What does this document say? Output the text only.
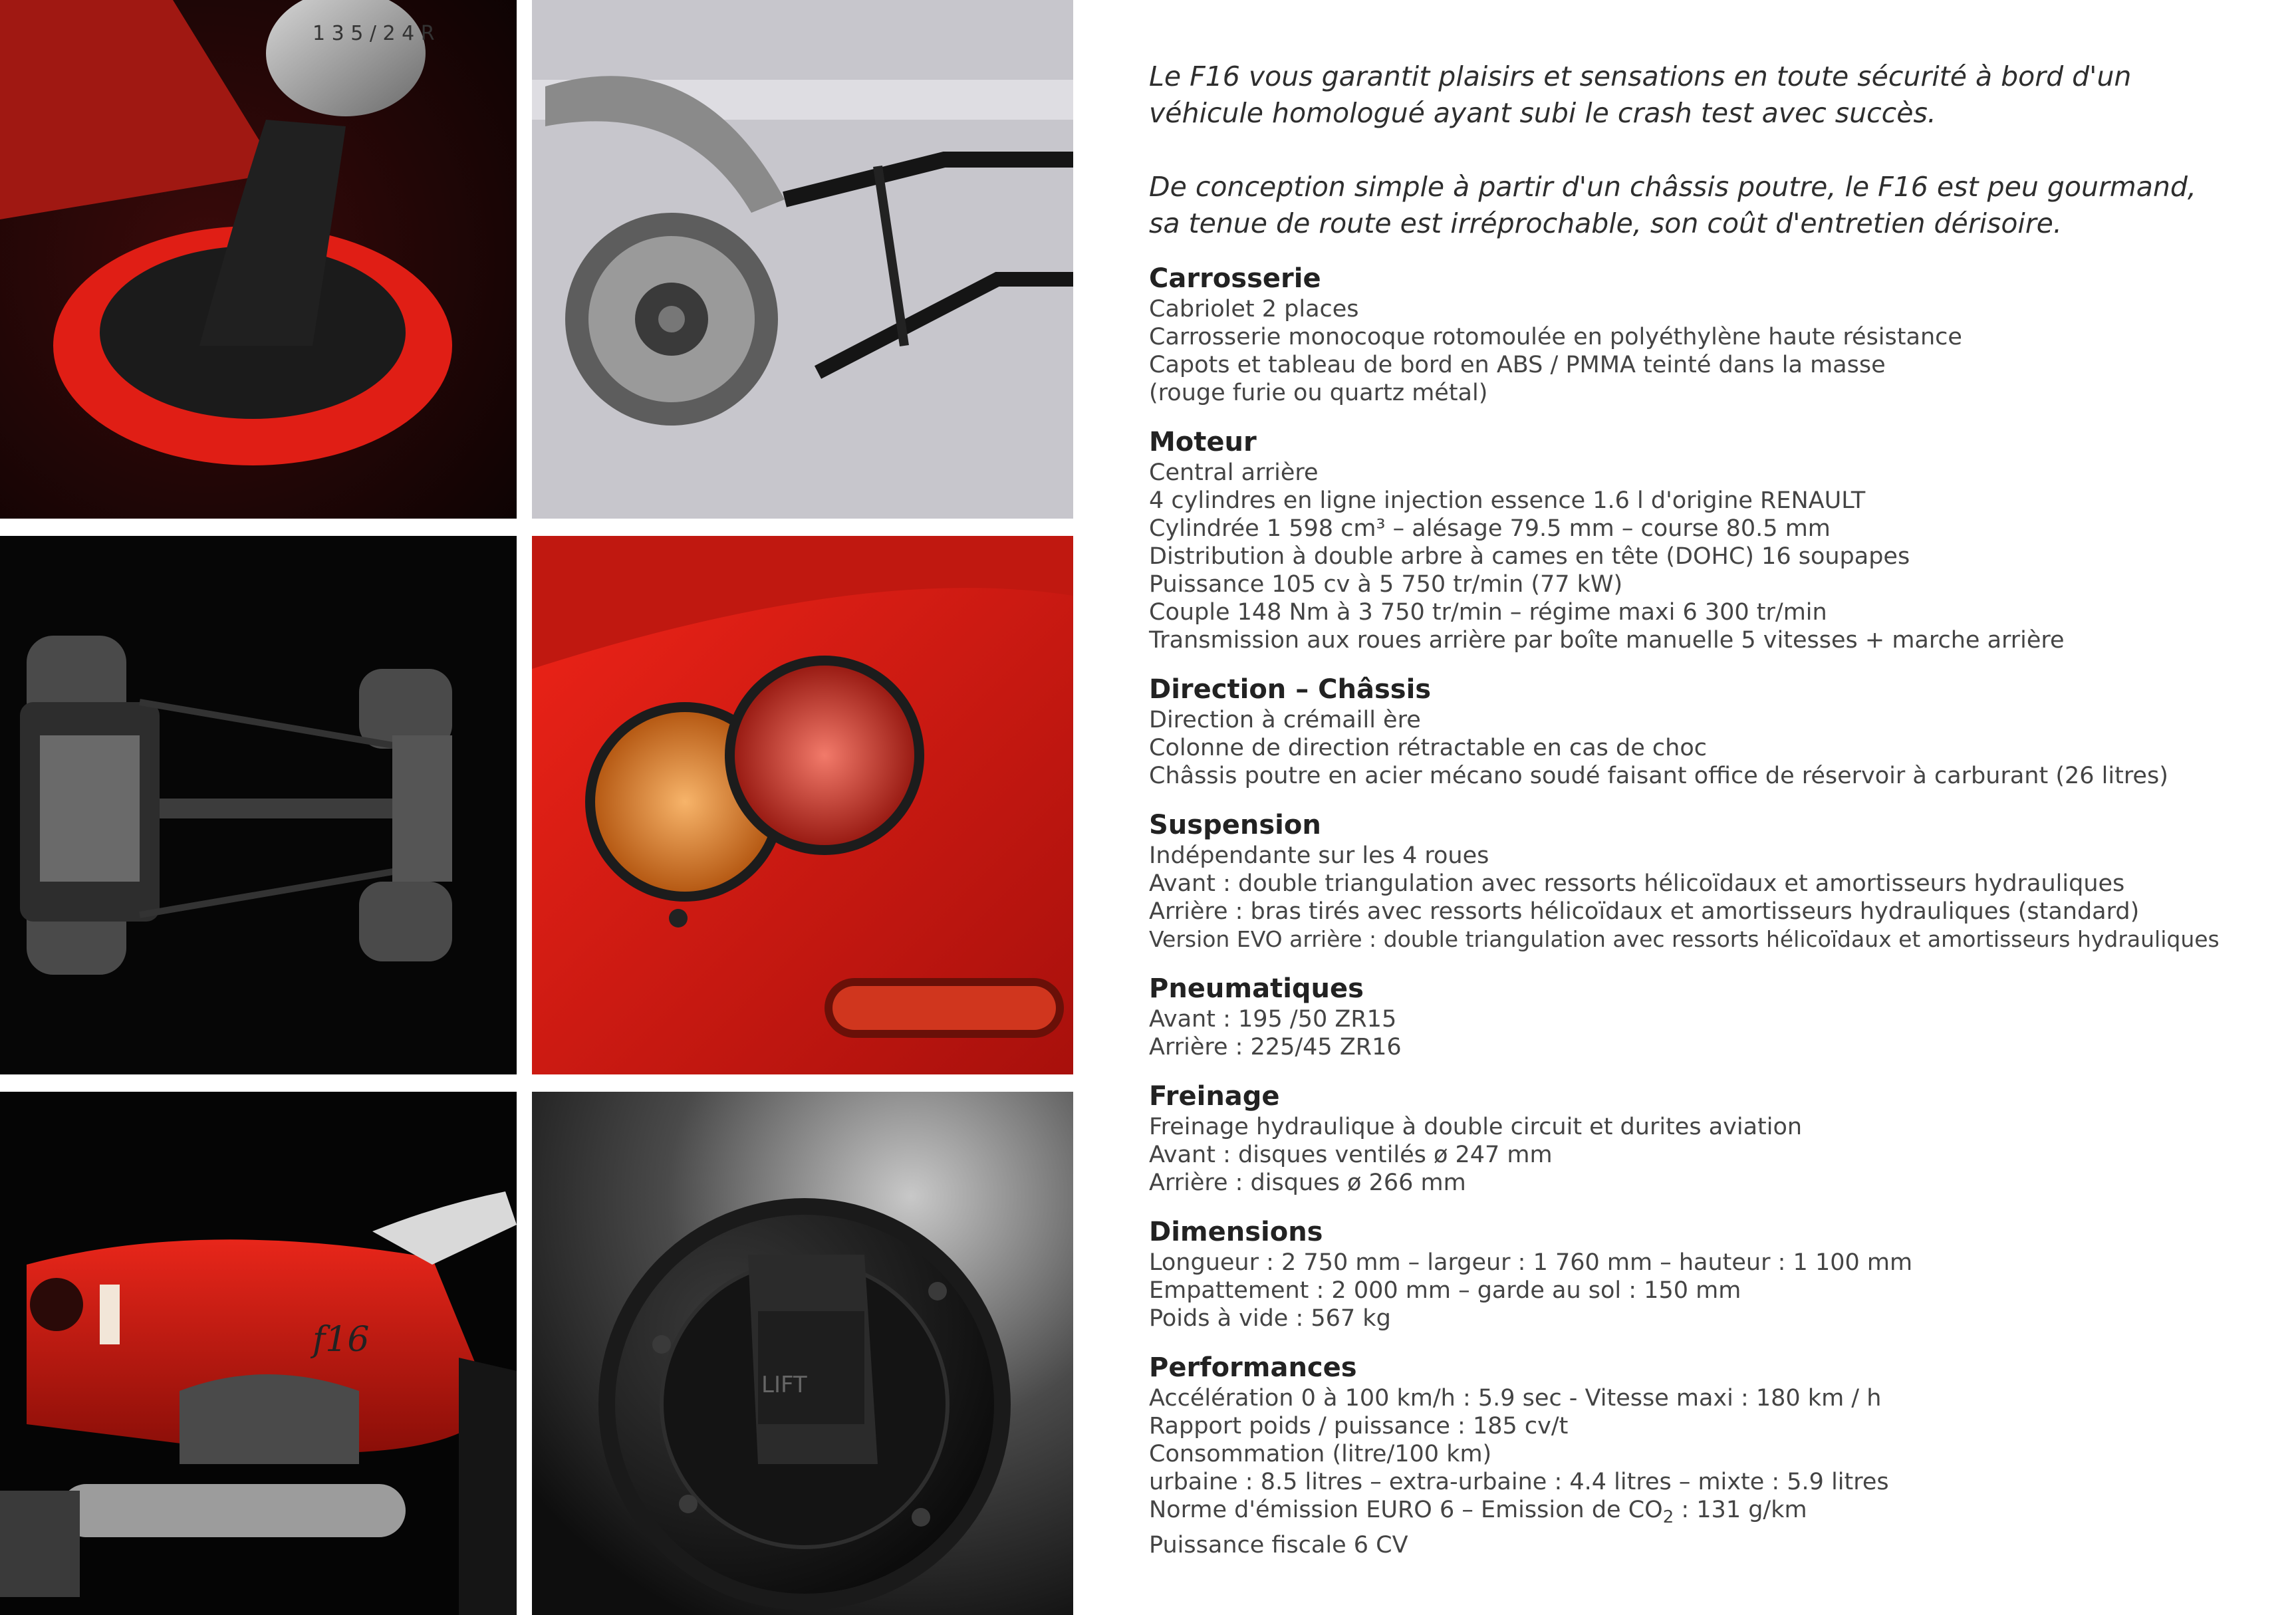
1 3 5 / 2 4 R
f16
LIFT

Le F16 vous garantit plaisirs et sensations en toute sécurité à bord d'un
véhicule homologué ayant subi le crash test avec succès.

De conception simple à partir d'un châssis poutre, le F16 est peu gourmand,
sa tenue de route est irréprochable, son coût d'entretien dérisoire.

Carrosserie
Cabriolet 2 places
Carrosserie monocoque rotomoulée en polyéthylène haute résistance
Capots et tableau de bord en ABS / PMMA teinté dans la masse
(rouge furie ou quartz métal)
Moteur
Central arrière
4 cylindres en ligne injection essence 1.6 l d'origine RENAULT
Cylindrée 1 598 cm³ – alésage 79.5 mm – course 80.5 mm
Distribution à double arbre à cames en tête (DOHC) 16 soupapes
Puissance 105 cv à 5 750 tr/min (77 kW)
Couple 148 Nm à 3 750 tr/min – régime maxi 6 300 tr/min
Transmission aux roues arrière par boîte manuelle 5 vitesses + marche arrière
Direction – Châssis
Direction à crémaill ère
Colonne de direction rétractable en cas de choc
Châssis poutre en acier mécano soudé faisant office de réservoir à carburant (26 litres)
Suspension
Indépendante sur les 4 roues
Avant : double triangulation avec ressorts hélicoïdaux et amortisseurs hydrauliques
Arrière : bras tirés avec ressorts hélicoïdaux et amortisseurs hydrauliques (standard)
Version EVO arrière : double triangulation avec ressorts hélicoïdaux et amortisseurs hydrauliques
Pneumatiques
Avant : 195 /50 ZR15
Arrière : 225/45 ZR16
Freinage
Freinage hydraulique à double circuit et durites aviation
Avant : disques ventilés ø 247 mm
Arrière : disques ø 266 mm
Dimensions
Longueur : 2 750 mm – largeur : 1 760 mm – hauteur : 1 100 mm
Empattement : 2 000 mm – garde au sol : 150 mm
Poids à vide : 567 kg
Performances
Accélération 0 à 100 km/h : 5.9 sec - Vitesse maxi : 180 km / h
Rapport poids / puissance : 185 cv/t
Consommation (litre/100 km)
urbaine : 8.5 litres – extra-urbaine : 4.4 litres – mixte : 5.9 litres
Norme d'émission EURO 6 – Emission de $CO_2$ : 131 g/km
Puissance fiscale 6 CV
